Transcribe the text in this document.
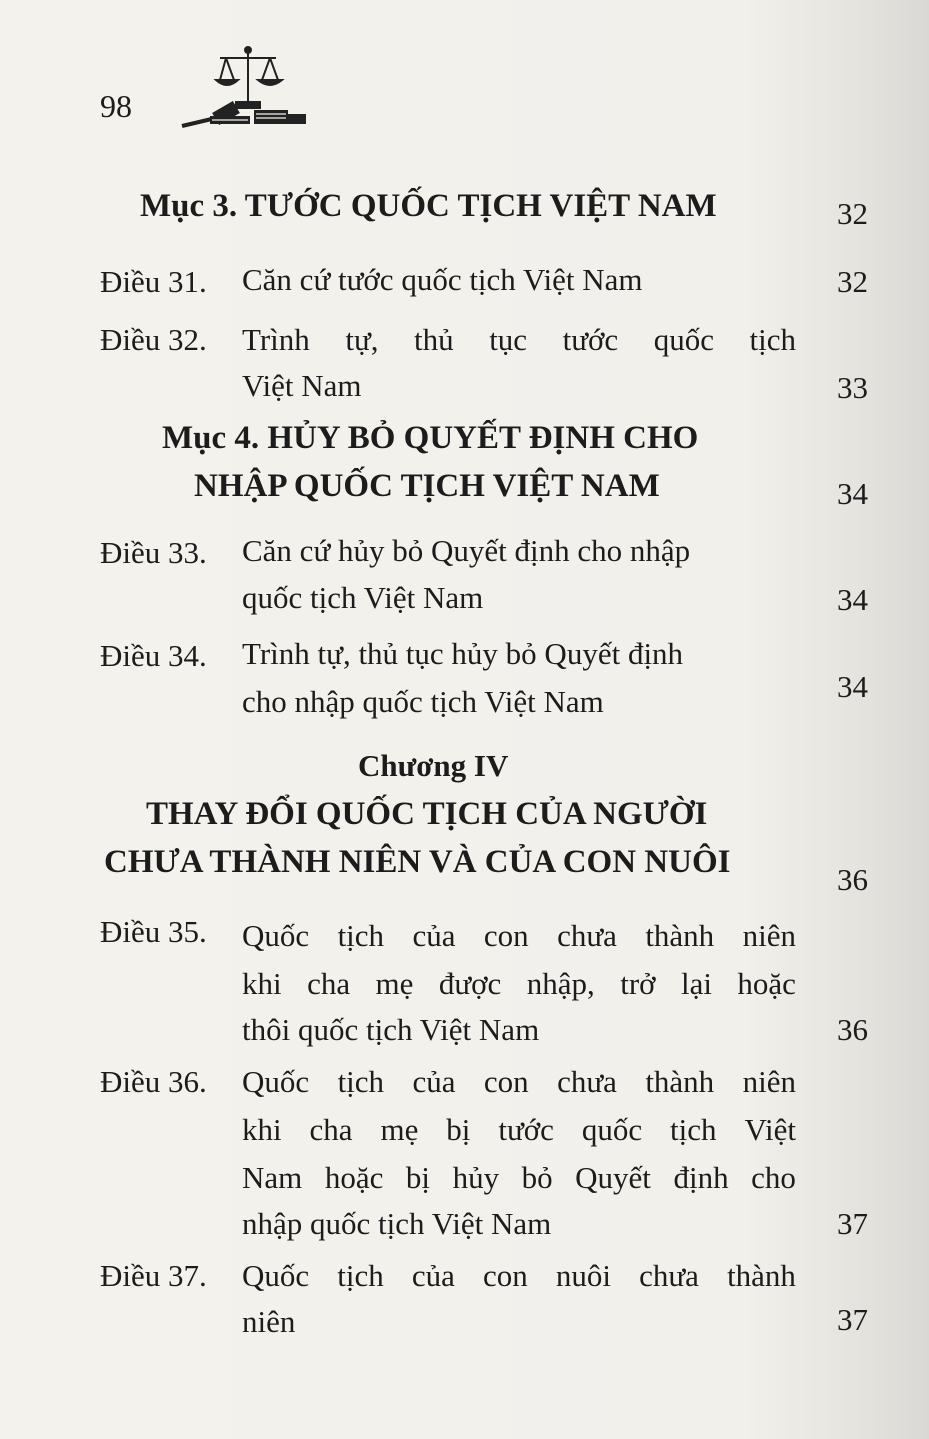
98
Mục 3. TƯỚC QUỐC TỊCH VIỆT NAM	32
Điều 31. Căn cứ tước quốc tịch Việt Nam	32
Điều 32. Trình tự, thủ tục tước quốc tịch
Việt Nam	33
Mục 4. HỦY BỎ QUYẾT ĐỊNH CHO
NHẬP QUỐC TỊCH VIỆT NAM	34
Điều 33. Căn cứ hủy bỏ Quyết định cho nhập
quốc tịch Việt Nam	34
Điều 34. Trình tự, thủ tục hủy bỏ Quyết định
cho nhập quốc tịch Việt Nam	34
Chương IV
THAY ĐỔI QUỐC TỊCH CỦA NGƯỜI
CHƯA THÀNH NIÊN VÀ CỦA CON NUÔI	36
Điều 35. Quốc tịch của con chưa thành niên
khi cha mẹ được nhập, trở lại hoặc
thôi quốc tịch Việt Nam	36
Điều 36. Quốc tịch của con chưa thành niên
khi cha mẹ bị tước quốc tịch Việt
Nam hoặc bị hủy bỏ Quyết định cho
nhập quốc tịch Việt Nam	37
Điều 37. Quốc tịch của con nuôi chưa thành
niên	37
